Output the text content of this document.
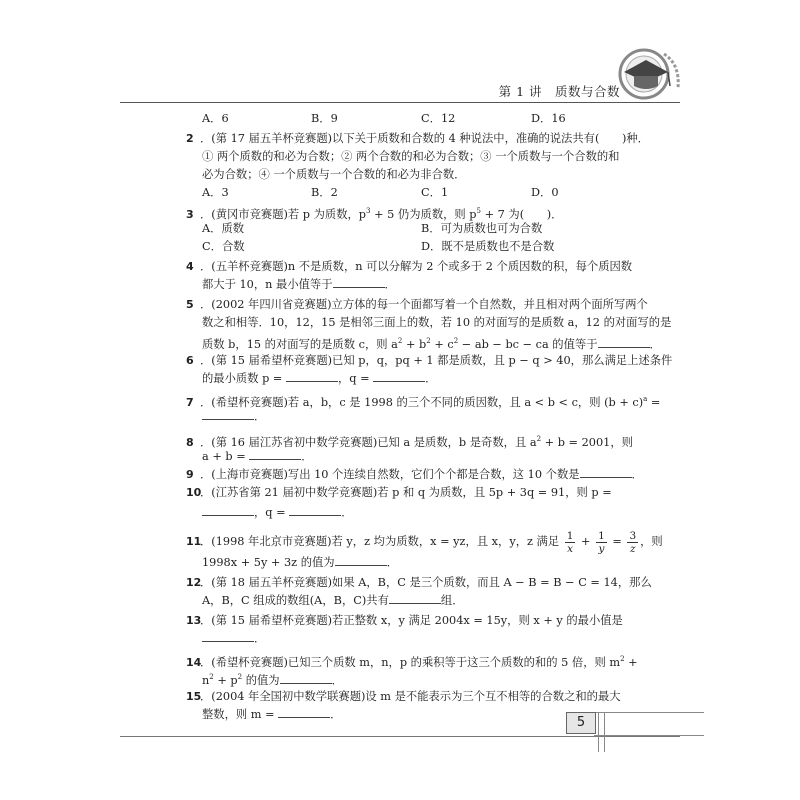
第 1 讲　质数与合数
A．6	B．9	C．12	D．16
2 ．(第 17 届五羊杯竞赛题)以下关于质数和合数的 4 种说法中，准确的说法共有(　　)种．
① 两个质数的和必为合数；② 两个合数的和必为合数；③ 一个质数与一个合数的和
必为合数；④ 一个质数与一个合数的和必为非合数．
A．3	B．2	C．1	D．0
3 ．(黄冈市竞赛题)若 p 为质数，$p^3 + 5$ 仍为质数，则 $p^5 + 7$ 为(　　)．
A．质数	B．可为质数也可为合数
C．合数	D．既不是质数也不是合数
4 ．(五羊杯竞赛题)n 不是质数，n 可以分解为 2 个或多于 2 个质因数的积，每个质因数
都大于 10，n 最小值等于	．
5 ．(2002 年四川省竞赛题)立方体的每一个面都写着一个自然数，并且相对两个面所写两个
数之和相等．10，12，15 是相邻三面上的数，若 10 的对面写的是质数 a，12 的对面写的是
质数 b，15 的对面写的是质数 c，则 $a^2 + b^2 + c^2$ − ab − bc − ca 的值等于	．
6 ．(第 15 届希望杯竞赛题)已知 p，q，pq + 1 都是质数，且 p − q > 40，那么满足上述条件
的最小质数 p =	，q =	．
7 ．(希望杯竞赛题)若 a，b，c 是 1998 的三个不同的质因数，且 a < b < c，则 $(b + c)^a$ =
．
8 ．(第 16 届江苏省初中数学竞赛题)已知 a 是质数，b 是奇数，且 $a^2 + b = 2001$，则
a + b =	．
9 ．(上海市竞赛题)写出 10 个连续自然数，它们个个都是合数，这 10 个数是	．
10．(江苏省第 21 届初中数学竞赛题)若 p 和 q 为质数，且 5p + 3q = 91，则 p =
，q =	．
11．(1998 年北京市竞赛题)若 y，z 均为质数，x = yz，且 x，y，z 满足 $\frac{1}{x} + \frac{1}{y} = \frac{3}{z}$ ，则
1998x + 5y + 3z 的值为	．
12．(第 18 届五羊杯竞赛题)如果 A，B，C 是三个质数，而且 A − B = B − C = 14，那么
A，B，C 组成的数组(A，B，C)共有	组．
13．(第 15 届希望杯竞赛题)若正整数 x，y 满足 2004x = 15y，则 x + y 的最小值是
．
14．(希望杯竞赛题)已知三个质数 m，n，p 的乘积等于这三个质数的和的 5 倍，则 $m^2$ +
$n^2 + p^2$ 的值为	．
15．(2004 年全国初中数学联赛题)设 m 是不能表示为三个互不相等的合数之和的最大
整数，则 m =	．
5
